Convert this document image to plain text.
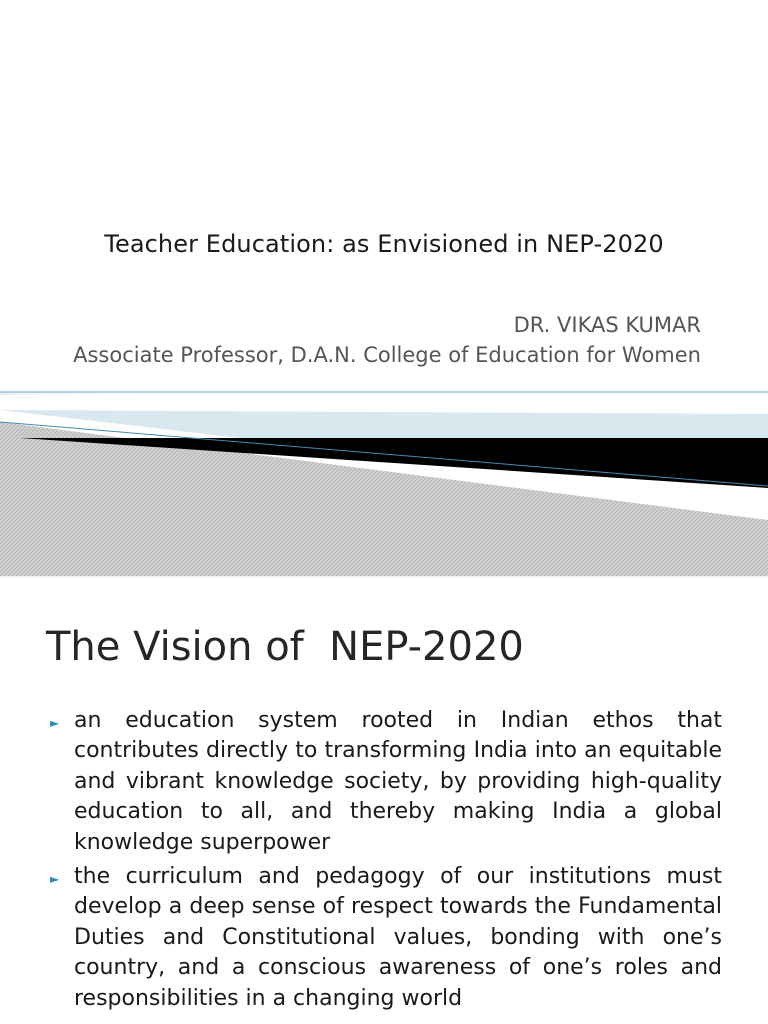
Teacher Education: as Envisioned in NEP-2020
DR. VIKAS KUMAR
Associate Professor, D.A.N. College of Education for Women
The Vision of  NEP-2020
► an education system rooted in Indian ethos that contributes directly to transforming India into an equitable and vibrant knowledge society, by providing high-quality education to all, and thereby making India a global knowledge superpower
► the curriculum and pedagogy of our institutions must develop a deep sense of respect towards the Fundamental Duties and Constitutional values, bonding with one’s country, and a conscious awareness of one’s roles and responsibilities in a changing world
